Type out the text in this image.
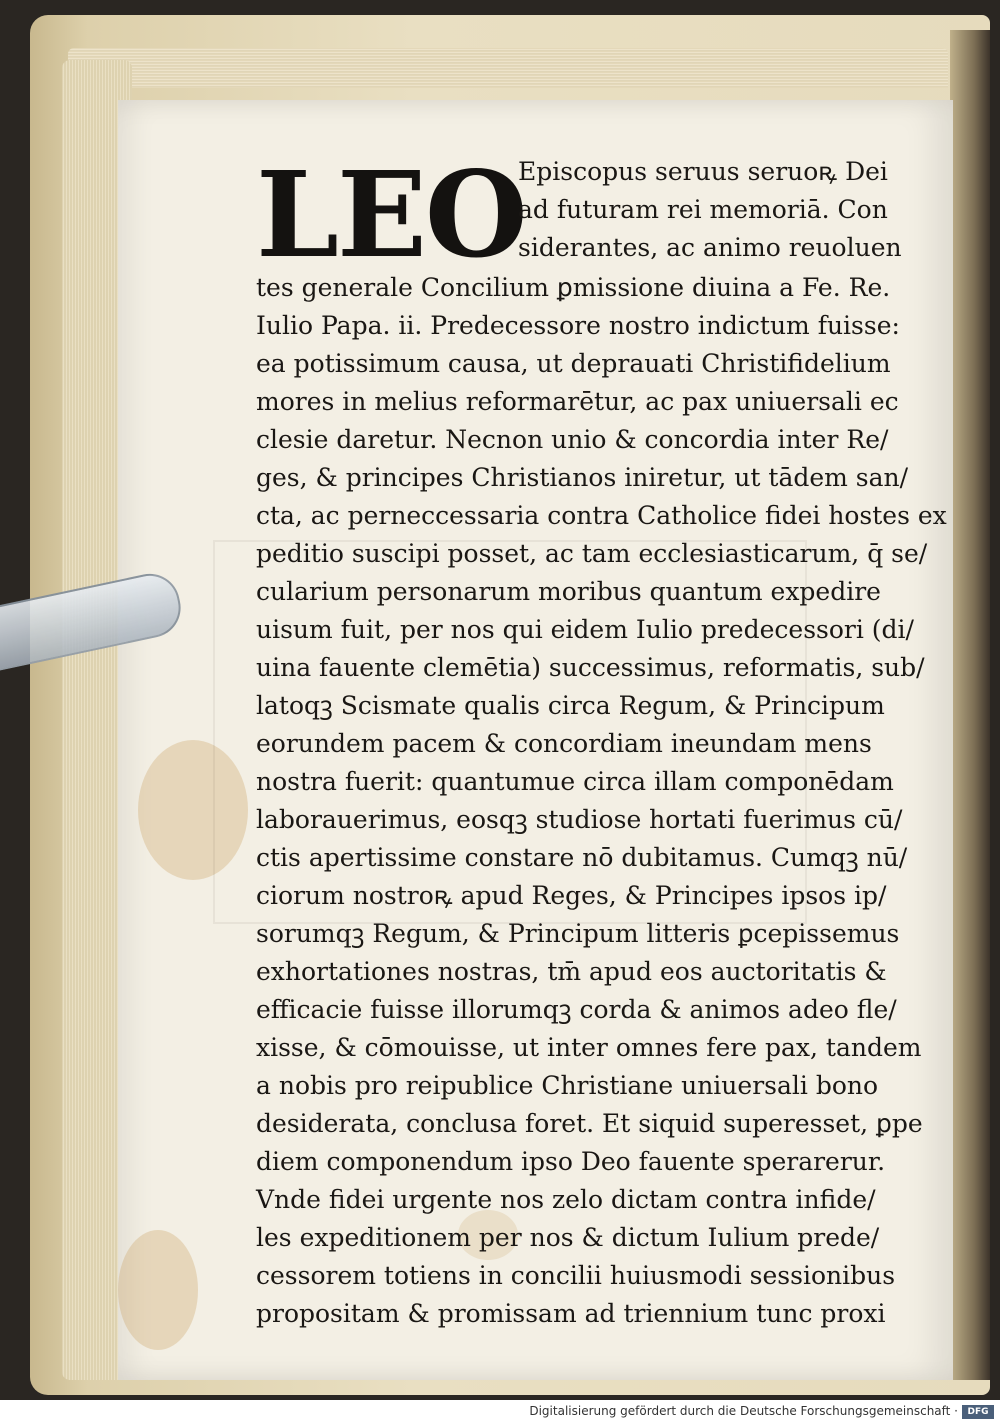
LEO
Episcopus seruus seruoꝶ Dei
ad futuram rei memoriā. Con
siderantes, ac animo reuoluen
tes generale Concilium ꝑmissione diuina a Fe. Re.
Iulio Papa. ii. Predecessore nostro indictum fuisse:
ea potissimum causa, ut deprauati Christifidelium
mores in melius reformarētur, ac pax uniuersali ec
clesie daretur. Necnon unio & concordia inter Re/
ges, & principes Christianos iniretur, ut tādem san/
cta, ac perneccessaria contra Catholice fidei hostes ex
peditio suscipi posset, ac tam ecclesiasticarum, q̄ se/
cularium personarum moribus quantum expedire
uisum fuit, per nos qui eidem Iulio predecessori (di/
uina fauente clemētia) successimus, reformatis, sub/
latoqꝫ Scismate qualis circa Regum, & Principum
eorundem pacem & concordiam ineundam mens
nostra fuerit: quantumue circa illam componēdam
laborauerimus, eosqꝫ studiose hortati fuerimus cū/
ctis apertissime constare nō dubitamus. Cumqꝫ nū/
ciorum nostroꝶ apud Reges, & Principes ipsos ip/
sorumqꝫ Regum, & Principum litteris ꝑcepissemus
exhortationes nostras, tm̄ apud eos auctoritatis &
efficacie fuisse illorumqꝫ corda & animos adeo fle/
xisse, & cōmouisse, ut inter omnes fere pax, tandem
a nobis pro reipublice Christiane uniuersali bono
desiderata, conclusa foret. Et siquid superesset, ꝑpe
diem componendum ipso Deo fauente sperarerur.
Vnde fidei urgente nos zelo dictam contra infide/
les expeditionem per nos & dictum Iulium prede/
cessorem totiens in concilii huiusmodi sessionibus
propositam & promissam ad triennium tunc proxi
Digitalisierung gefördert durch die Deutsche Forschungsgemeinschaft ·	DFG
